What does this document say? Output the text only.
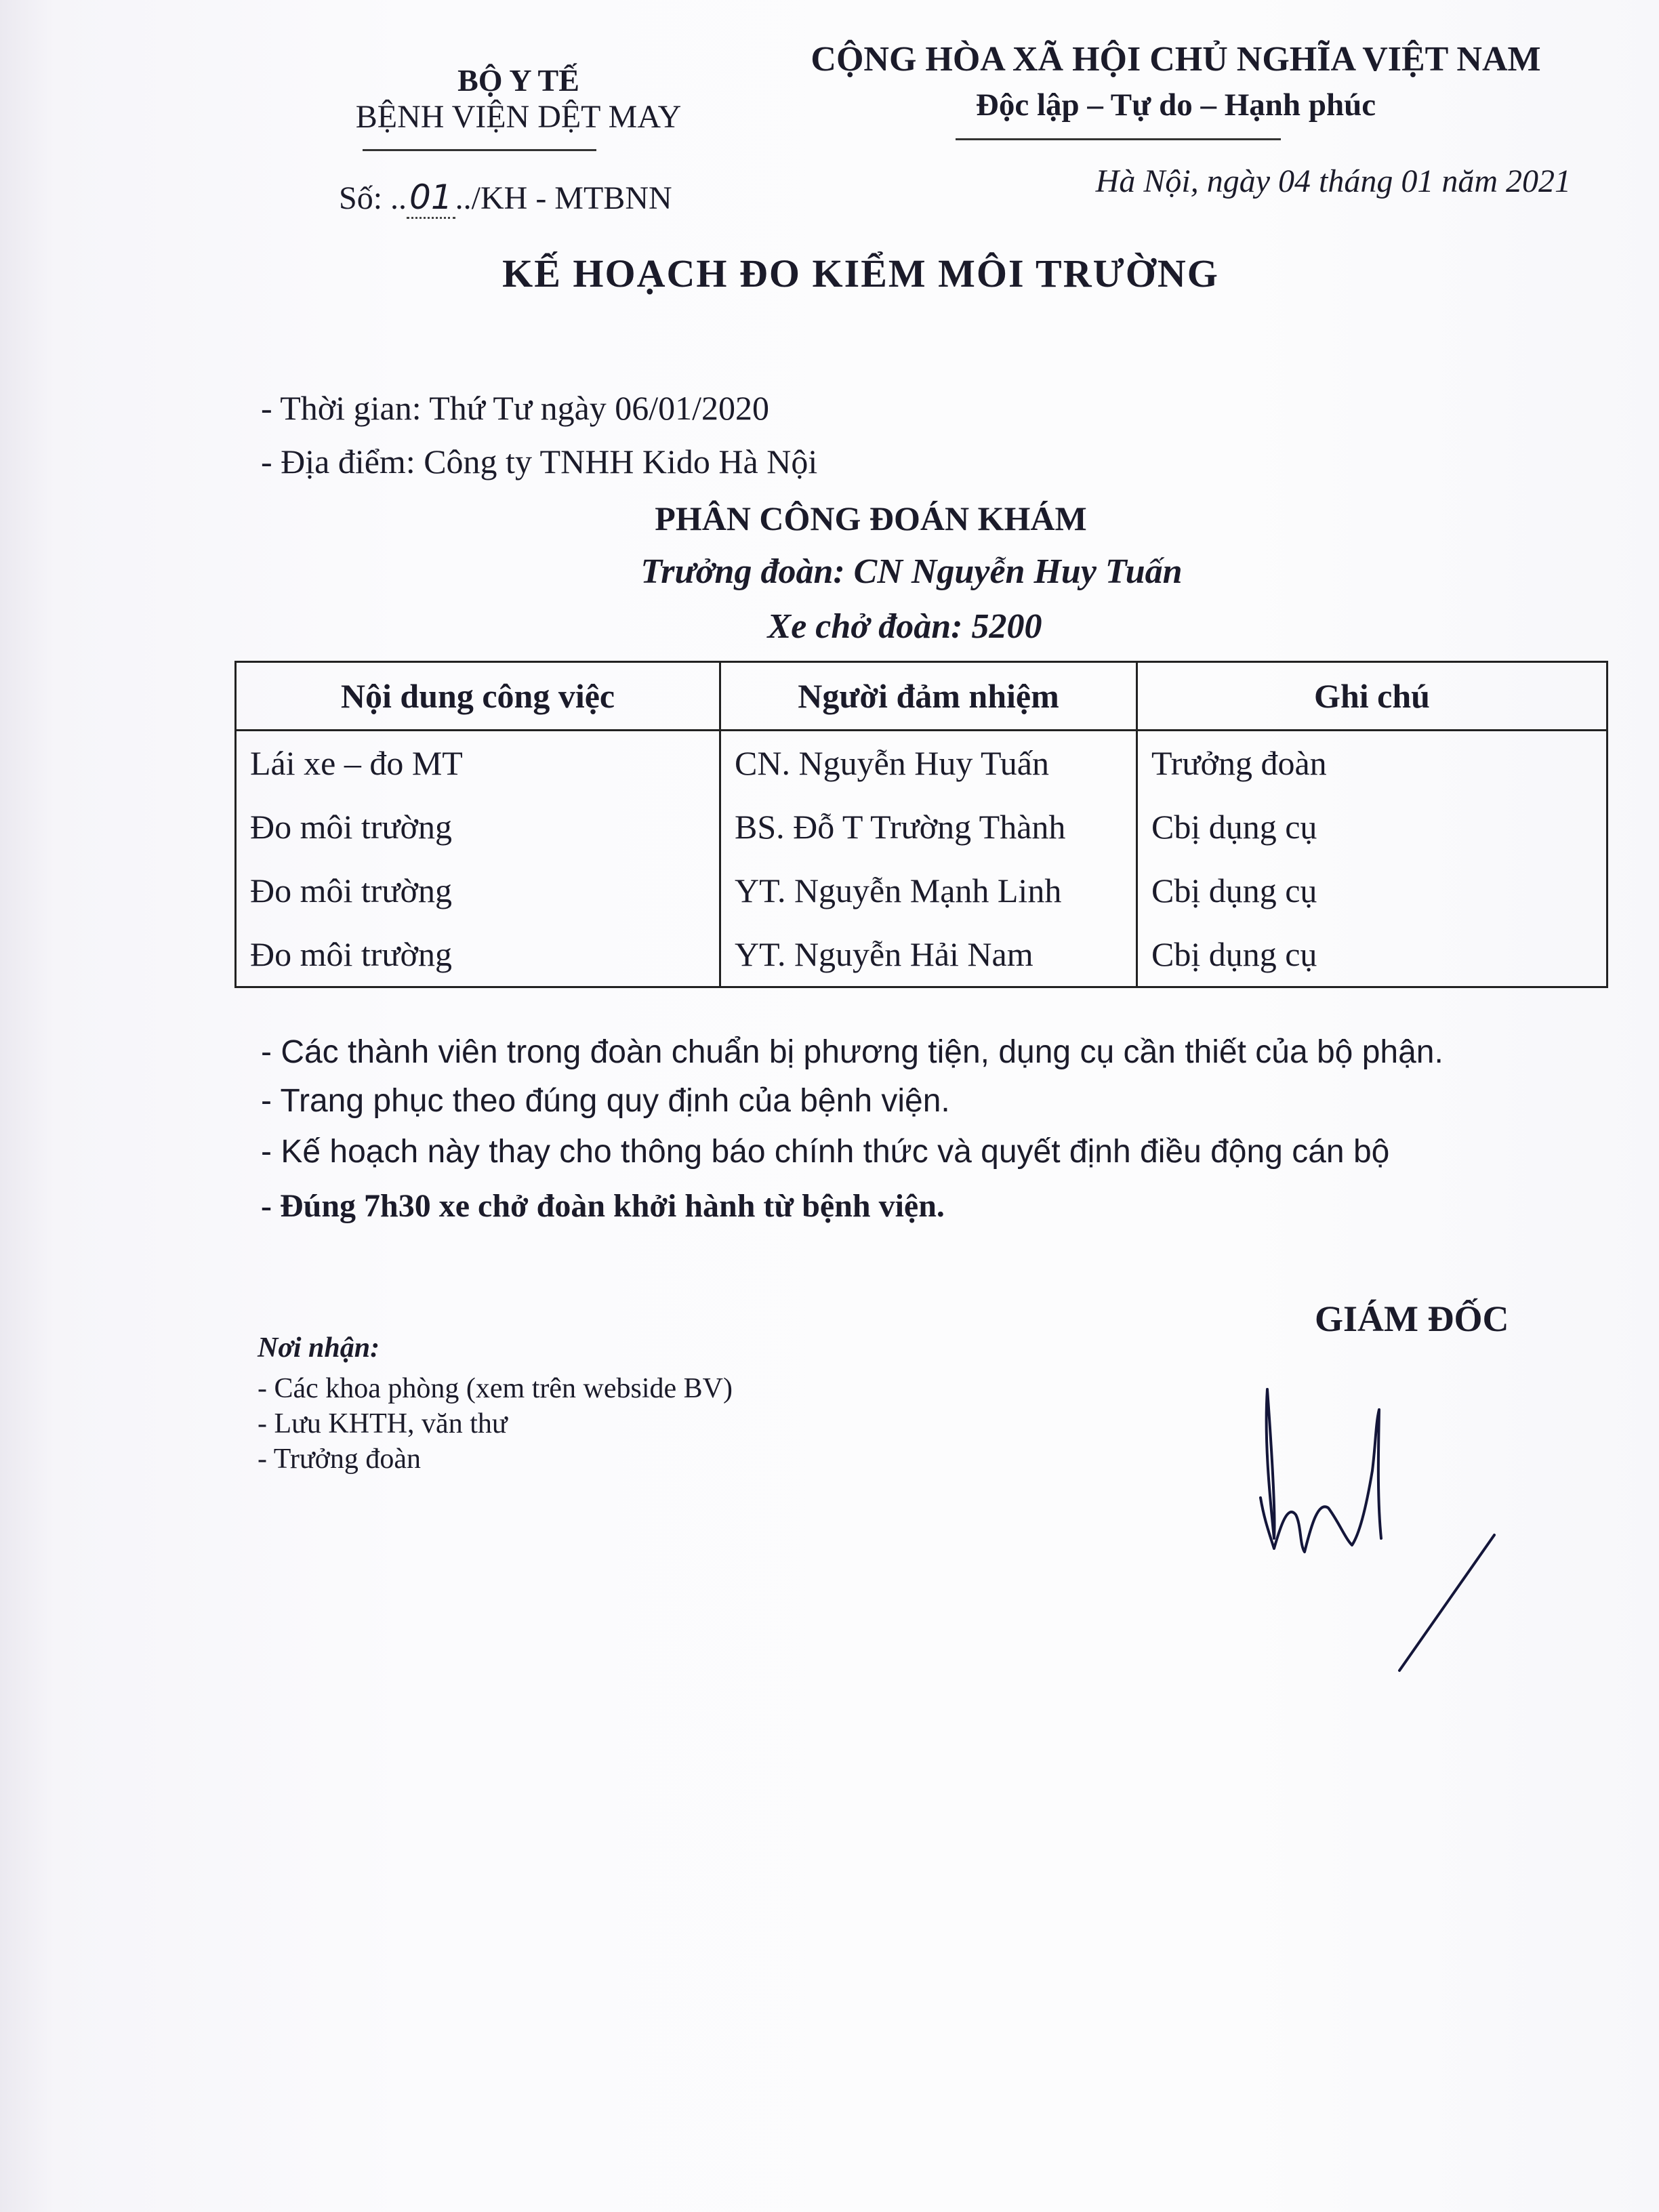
BỘ Y TẾ
BỆNH VIỆN DỆT MAY
CỘNG HÒA XÃ HỘI CHỦ NGHĨA VIỆT NAM
Độc lập – Tự do – Hạnh phúc
Số: ..01../KH - MTBNN	Hà Nội, ngày 04 tháng 01 năm 2021
KẾ HOẠCH ĐO KIỂM MÔI TRƯỜNG
- Thời gian: Thứ Tư ngày 06/01/2020
- Địa điểm: Công ty TNHH Kido Hà Nội
PHÂN CÔNG ĐOÁN KHÁM
Trưởng đoàn: CN Nguyễn Huy Tuấn
Xe chở đoàn: 5200
Nội dung công việc	Người đảm nhiệm	Ghi chú
Lái xe – đo MT	CN. Nguyễn Huy Tuấn	Trưởng đoàn
Đo môi trường	BS. Đỗ T Trường Thành	Cbị dụng cụ
Đo môi trường	YT. Nguyễn Mạnh Linh	Cbị dụng cụ
Đo môi trường	YT. Nguyễn Hải Nam	Cbị dụng cụ
- Các thành viên trong đoàn chuẩn bị phương tiện, dụng cụ cần thiết của bộ phận.
- Trang phục theo đúng quy định của bệnh viện.
- Kế hoạch này thay cho thông báo chính thức và quyết định điều động cán bộ
- Đúng 7h30 xe chở đoàn khởi hành từ bệnh viện.
GIÁM ĐỐC
Nơi nhận:
- Các khoa phòng (xem trên webside BV)
- Lưu KHTH, văn thư
- Trưởng đoàn
